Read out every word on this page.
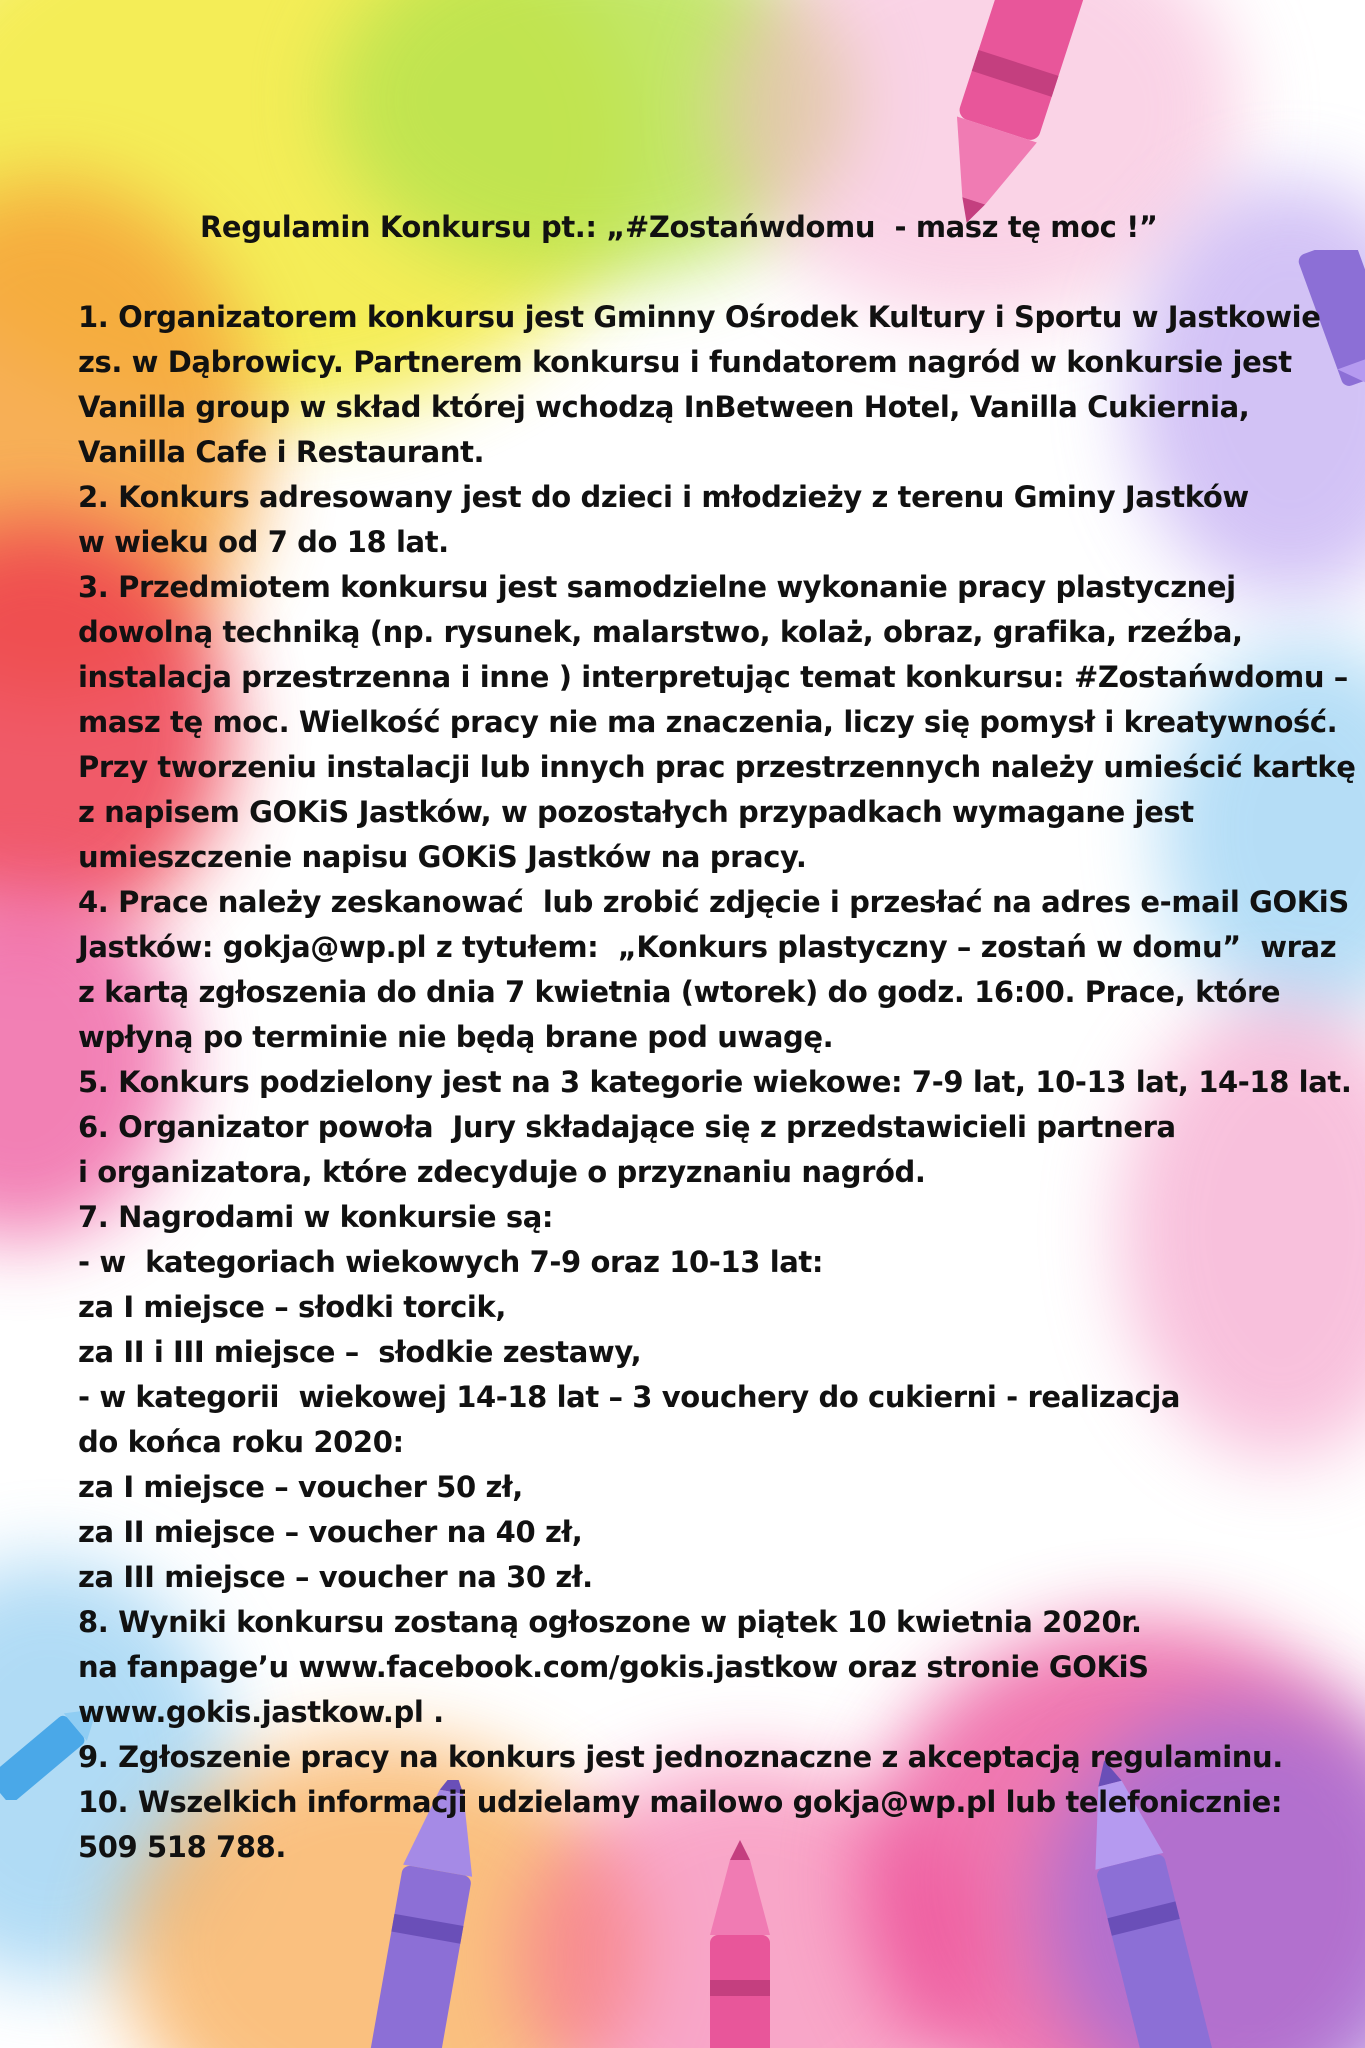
Regulamin Konkursu pt.: „#Zostańwdomu  - masz tę moc !”
1. Organizatorem konkursu jest Gminny Ośrodek Kultury i Sportu w Jastkowie
zs. w Dąbrowicy. Partnerem konkursu i fundatorem nagród w konkursie jest
Vanilla group w skład której wchodzą InBetween Hotel, Vanilla Cukiernia,
Vanilla Cafe i Restaurant.
2. Konkurs adresowany jest do dzieci i młodzieży z terenu Gminy Jastków
w wieku od 7 do 18 lat.
3. Przedmiotem konkursu jest samodzielne wykonanie pracy plastycznej
dowolną techniką (np. rysunek, malarstwo, kolaż, obraz, grafika, rzeźba,
instalacja przestrzenna i inne ) interpretując temat konkursu: #Zostańwdomu –
masz tę moc. Wielkość pracy nie ma znaczenia, liczy się pomysł i kreatywność.
Przy tworzeniu instalacji lub innych prac przestrzennych należy umieścić kartkę
z napisem GOKiS Jastków, w pozostałych przypadkach wymagane jest
umieszczenie napisu GOKiS Jastków na pracy.
4. Prace należy zeskanować  lub zrobić zdjęcie i przesłać na adres e-mail GOKiS
Jastków: gokja@wp.pl z tytułem:  „Konkurs plastyczny – zostań w domu”  wraz
z kartą zgłoszenia do dnia 7 kwietnia (wtorek) do godz. 16:00. Prace, które
wpłyną po terminie nie będą brane pod uwagę.
5. Konkurs podzielony jest na 3 kategorie wiekowe: 7-9 lat, 10-13 lat, 14-18 lat.
6. Organizator powoła  Jury składające się z przedstawicieli partnera
i organizatora, które zdecyduje o przyznaniu nagród.
7. Nagrodami w konkursie są:
- w  kategoriach wiekowych 7-9 oraz 10-13 lat:
za I miejsce – słodki torcik,
za II i III miejsce –  słodkie zestawy,
- w kategorii  wiekowej 14-18 lat – 3 vouchery do cukierni - realizacja
do końca roku 2020:
za I miejsce – voucher 50 zł,
za II miejsce – voucher na 40 zł,
za III miejsce – voucher na 30 zł.
8. Wyniki konkursu zostaną ogłoszone w piątek 10 kwietnia 2020r.
na fanpage’u www.facebook.com/gokis.jastkow oraz stronie GOKiS
www.gokis.jastkow.pl .
9. Zgłoszenie pracy na konkurs jest jednoznaczne z akceptacją regulaminu.
10. Wszelkich informacji udzielamy mailowo gokja@wp.pl lub telefonicznie:
509 518 788.
